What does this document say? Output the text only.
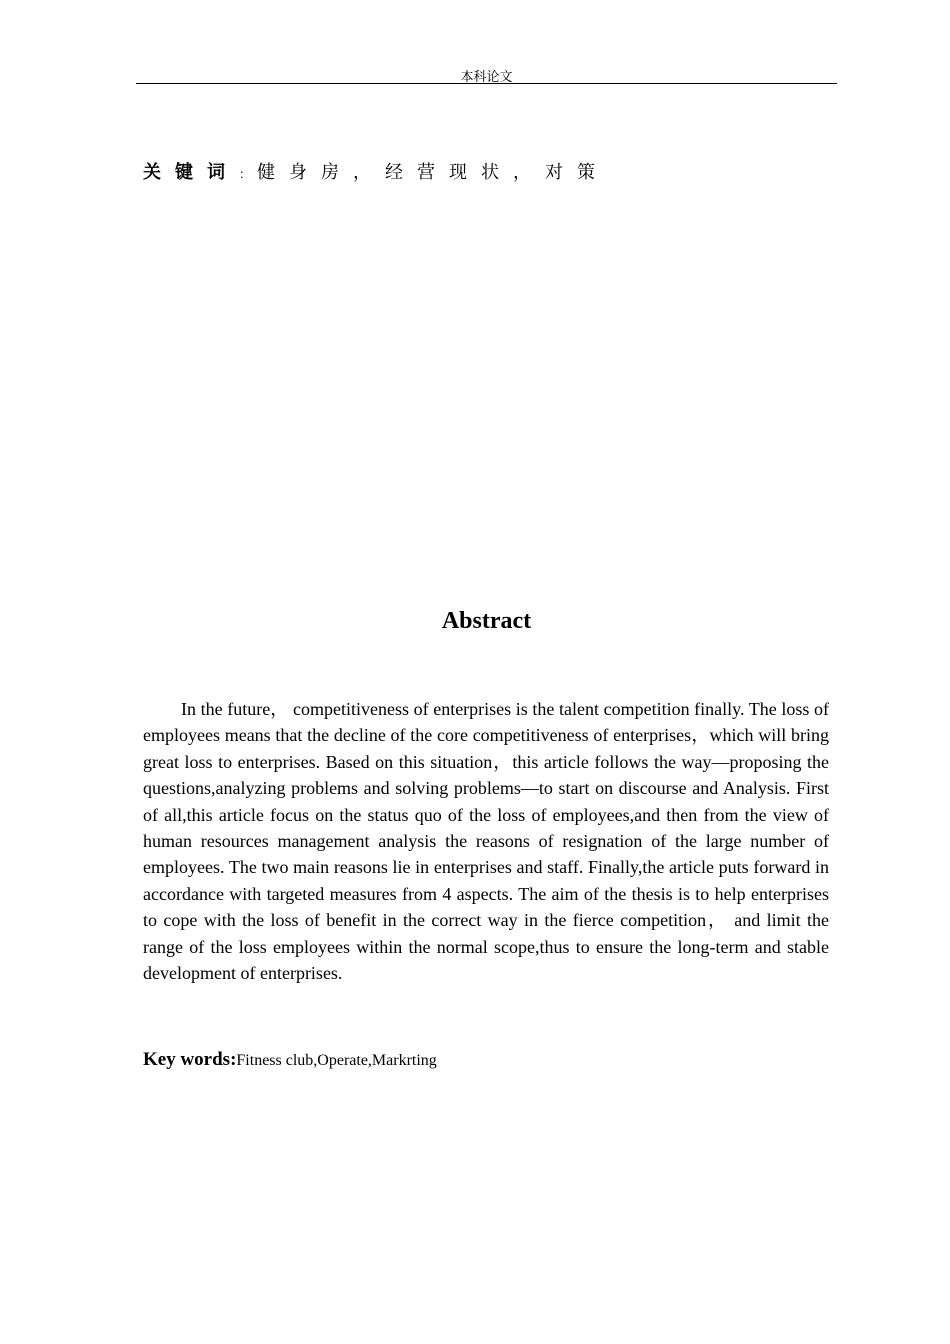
本科论文
关键词：健身房，经营现状，对策
Abstract

In the future， competitiveness of enterprises is the talent competition finally. The loss of employees means that the decline of the core competitiveness of enterprises，which will bring great loss to enterprises. Based on this situation，this article follows the way—proposing the questions,analyzing problems and solving problems—to start on discourse and Analysis. First of all,this article focus on the status quo of the loss of employees,and then from the view of human resources management analysis the reasons of resignation of the large number of employees. The two main reasons lie in enterprises and staff. Finally,the article puts forward in accordance with targeted measures from 4 aspects. The aim of the thesis is to help enterprises to cope with the loss of benefit in the correct way in the fierce competition， and limit the range of the loss employees within the normal scope,thus to ensure the long-term and stable development of enterprises.

Key words:Fitness club,Operate,Markrting
